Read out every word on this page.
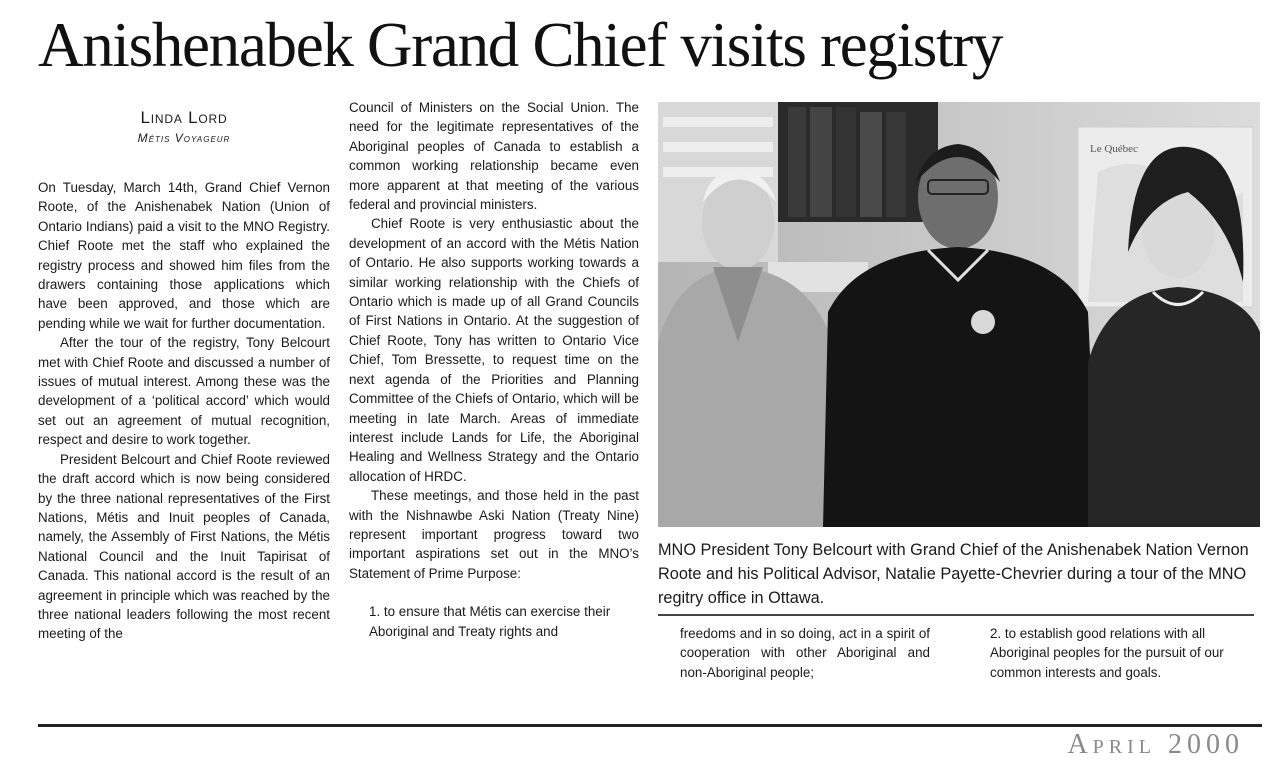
Anishenabek Grand Chief visits registry
Linda Lord
Métis Voyageur

On Tuesday, March 14th, Grand Chief Vernon Roote, of the Anishenabek Nation (Union of Ontario Indians) paid a visit to the MNO Registry. Chief Roote met the staff who explained the registry process and showed him files from the drawers containing those applications which have been approved, and those which are pending while we wait for further documentation.

After the tour of the registry, Tony Belcourt met with Chief Roote and discussed a number of issues of mutual interest. Among these was the development of a ‘political accord’ which would set out an agreement of mutual recognition, respect and desire to work together.

President Belcourt and Chief Roote reviewed the draft accord which is now being considered by the three national representatives of the First Nations, Métis and Inuit peoples of Canada, namely, the Assembly of First Nations, the Métis National Council and the Inuit Tapirisat of Canada. This national accord is the result of an agreement in principle which was reached by the three national leaders following the most recent meeting of the

Council of Ministers on the Social Union. The need for the legitimate representatives of the Aboriginal peoples of Canada to establish a common working relationship became even more apparent at that meeting of the various federal and provincial ministers.

Chief Roote is very enthusiastic about the development of an accord with the Métis Nation of Ontario. He also supports working towards a similar working relationship with the Chiefs of Ontario which is made up of all Grand Councils of First Nations in Ontario. At the suggestion of Chief Roote, Tony has written to Ontario Vice Chief, Tom Bressette, to request time on the next agenda of the Priorities and Planning Committee of the Chiefs of Ontario, which will be meeting in late March. Areas of immediate interest include Lands for Life, the Aboriginal Healing and Wellness Strategy and the Ontario allocation of HRDC.

These meetings, and those held in the past with the Nishnawbe Aski Nation (Treaty Nine) represent important progress toward two important aspirations set out in the MNO’s Statement of Prime Purpose:

1. to ensure that Métis can exercise their Aboriginal and Treaty rights and

Le Québec

MNO President Tony Belcourt with Grand Chief of the Anishenabek Nation Vernon Roote and his Political Advisor, Natalie Payette-Chevrier during a tour of the MNO regitry office in Ottawa.

freedoms and in so doing, act in a spirit of cooperation with other Aboriginal and non-Aboriginal people;

2. to establish good relations with all Aboriginal peoples for the pursuit of our common interests and goals.

April 2000
